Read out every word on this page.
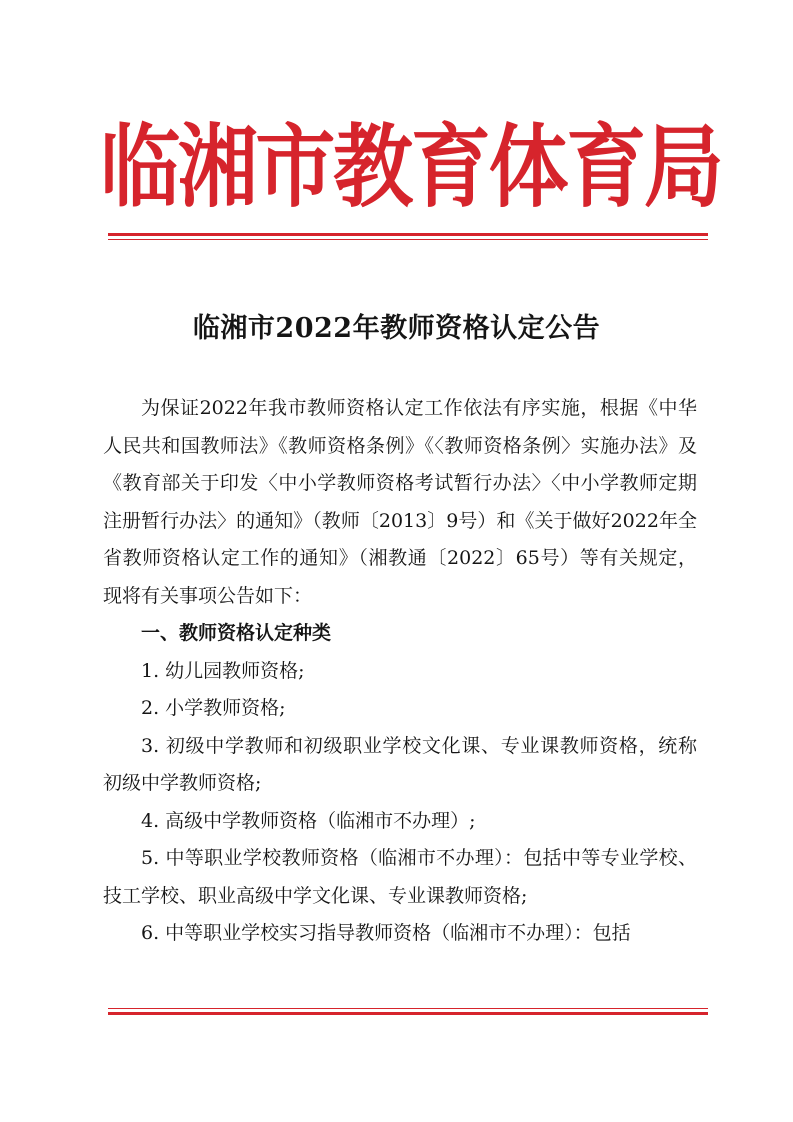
临
湘
市
教
育
体
育
局
临湘市2022年教师资格认定公告

为保证2022年我市教师资格认定工作依法有序实施，根据《中华人民共和国教师法》《教师资格条例》《〈教师资格条例〉实施办法》及《教育部关于印发〈中小学教师资格考试暂行办法〉〈中小学教师定期注册暂行办法〉的通知》（教师〔2013〕9号）和《关于做好2022年全省教师资格认定工作的通知》（湘教通〔2022〕65号）等有关规定，现将有关事项公告如下：

一、教师资格认定种类

1. 幼儿园教师资格;

2. 小学教师资格;

3. 初级中学教师和初级职业学校文化课、专业课教师资格，统称初级中学教师资格;

4. 高级中学教师资格（临湘市不办理）;

5. 中等职业学校教师资格（临湘市不办理）：包括中等专业学校、技工学校、职业高级中学文化课、专业课教师资格;

6. 中等职业学校实习指导教师资格（临湘市不办理）：包括
